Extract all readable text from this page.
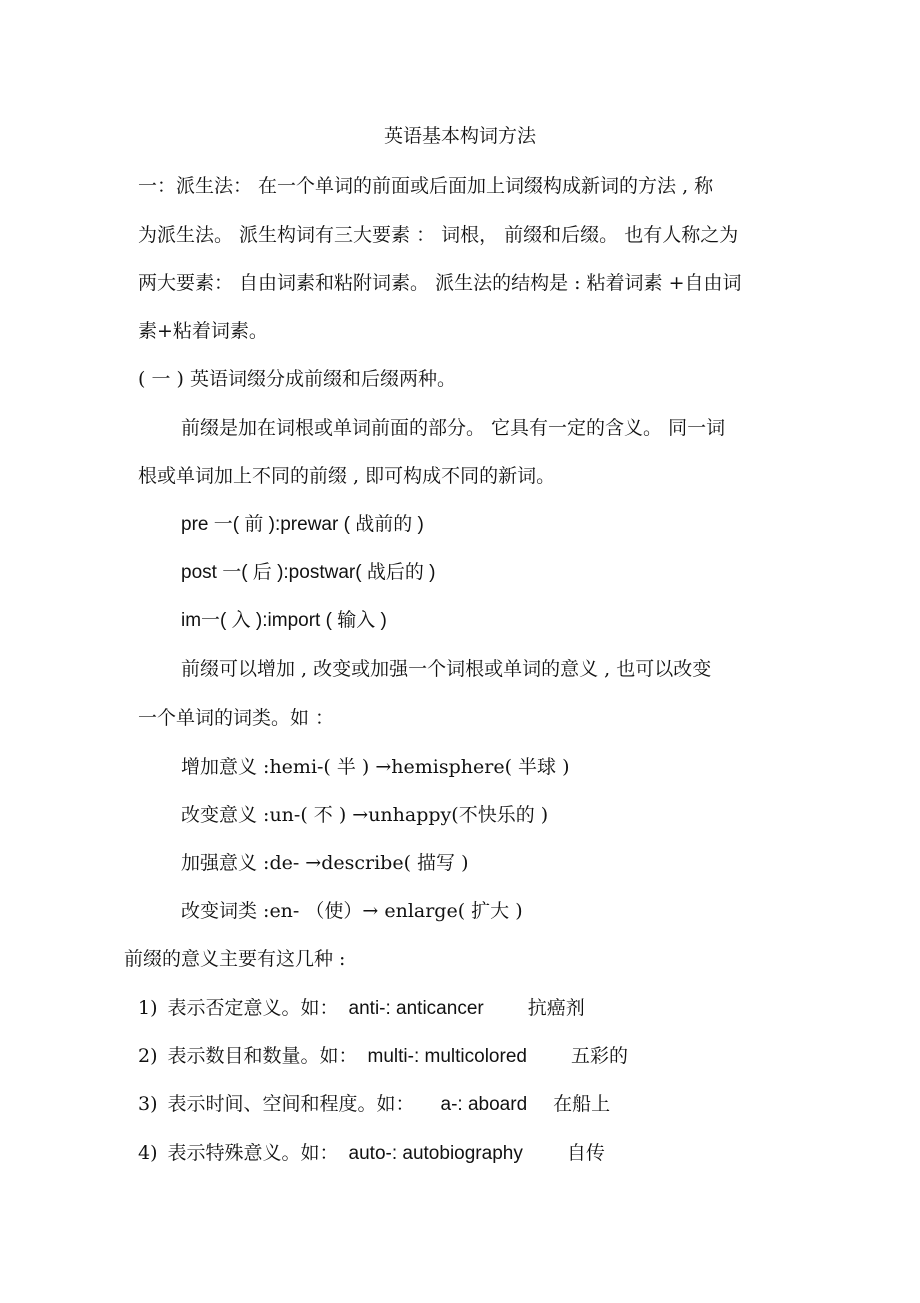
英语基本构词方法
一：派生法： 在一个单词的前面或后面加上词缀构成新词的方法 , 称
为派生法。 派生构词有三大要素 ： 词根， 前缀和后缀。 也有人称之为
两大要素： 自由词素和粘附词素。 派生法的结构是 : 粘着词素 +自由词
素+粘着词素。
( 一 ) 英语词缀分成前缀和后缀两种。
前缀是加在词根或单词前面的部分。 它具有一定的含义。 同一词
根或单词加上不同的前缀 , 即可构成不同的新词。
pre 一( 前 ):prewar ( 战前的 )
post 一( 后 ):postwar( 战后的 )
im一( 入 ):import ( 输入 )
前缀可以增加 , 改变或加强一个词根或单词的意义 , 也可以改变
一个单词的词类。如 ：
增加意义 :hemi-( 半 ) →hemisphere( 半球 )
改变意义 :un-( 不 ) →unhappy(不快乐的 )
加强意义 :de- →describe( 描写 )
改变词类 :en- （使）→ enlarge( 扩大 )
前缀的意义主要有这几种 :
1) 表示否定意义。如： anti-: anticancer 抗癌剂
2) 表示数目和数量。如： multi-: multicolored 五彩的
3) 表示时间、空间和程度。如： a-: aboard 在船上
4) 表示特殊意义。如： auto-: autobiography 自传
